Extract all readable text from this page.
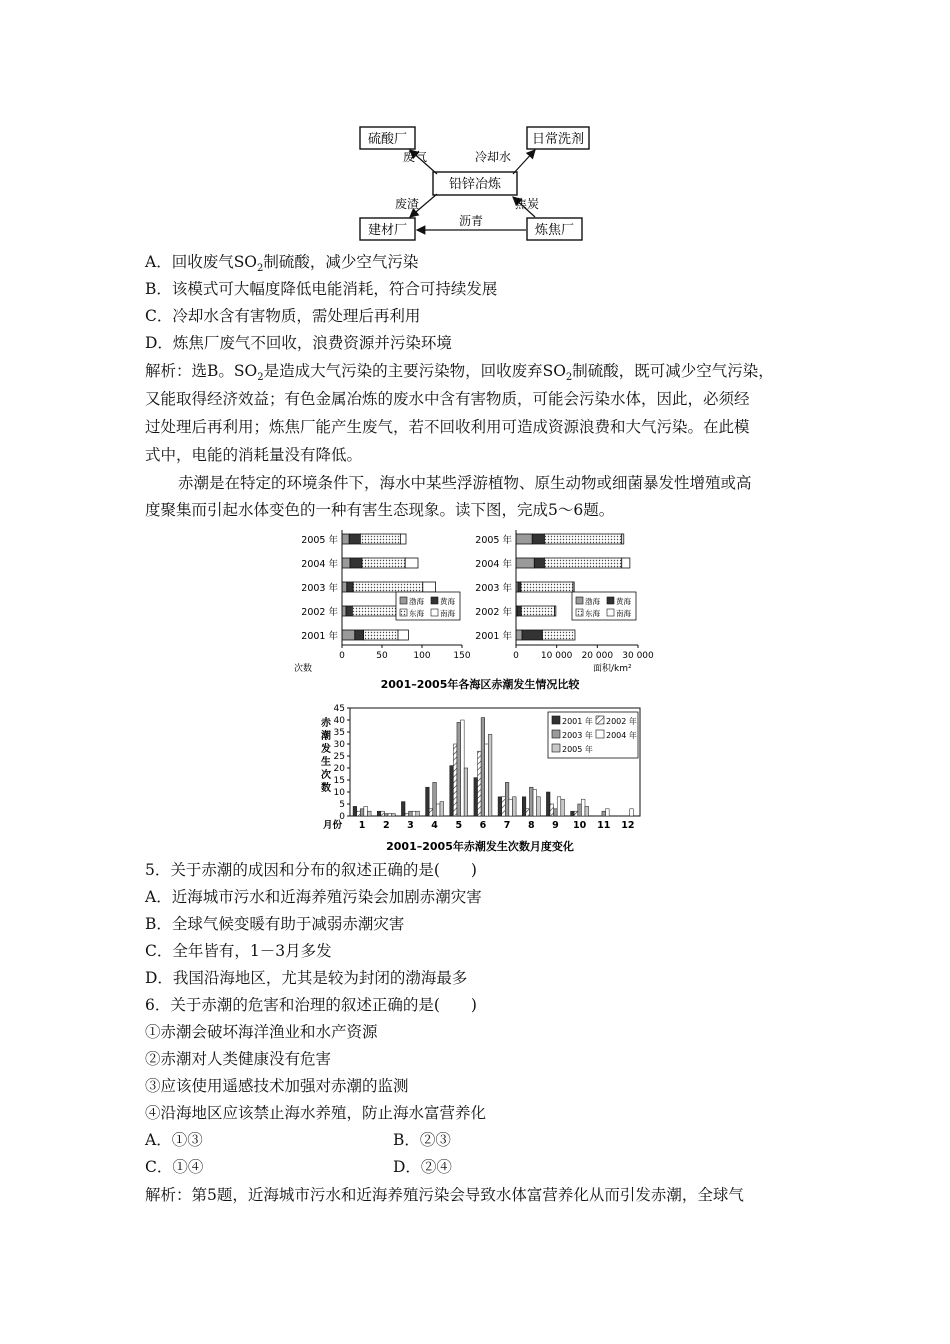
硫酸厂	日常洗剂
铅锌冶炼
建材厂	炼焦厂
废气	冷却水
废渣	焦炭
沥青
A．回收废气$SO_2$制硫酸，减少空气污染
B．该模式可大幅度降低电能消耗，符合可持续发展
C．冷却水含有害物质，需处理后再利用
D．炼焦厂废气不回收，浪费资源并污染环境
解析：选B。$SO_2$是造成大气污染的主要污染物，回收废弃$SO_2$制硫酸，既可减少空气污染，
又能取得经济效益；有色金属冶炼的废水中含有害物质，可能会污染水体，因此，必须经
过处理后再利用；炼焦厂能产生废气，若不回收利用可造成资源浪费和大气污染。在此模
式中，电能的消耗量没有降低。
赤潮是在特定的环境条件下，海水中某些浮游植物、原生动物或细菌暴发性增殖或高
度聚集而引起水体变色的一种有害生态现象。读下图，完成5～6题。
2005 年
2004 年
2003 年
2002 年
2001 年
0	50	100	150
次数
渤海 黄海
东海 南海
2005 年
2004 年
2003 年
2002 年
2001 年
0 10 000 20 000 30 000
面积/km²
渤海 黄海
东海 南海
2001–2005年各海区赤潮发生情况比较
0
5
10
15
20
25
30
35
40
45
赤
潮
发
生
次
数
1 2 3 4 5 6 7 8 9 10 11 12
月份
2001 年 2002 年
2003 年 2004 年
2005 年
2001–2005年赤潮发生次数月度变化
5．关于赤潮的成因和分布的叙述正确的是(　　)
A．近海城市污水和近海养殖污染会加剧赤潮灾害
B．全球气候变暖有助于减弱赤潮灾害
C．全年皆有，1－3月多发
D．我国沿海地区，尤其是较为封闭的渤海最多
6．关于赤潮的危害和治理的叙述正确的是(　　)
①赤潮会破坏海洋渔业和水产资源
②赤潮对人类健康没有危害
③应该使用遥感技术加强对赤潮的监测
④沿海地区应该禁止海水养殖，防止海水富营养化
A．①③	B．②③
C．①④	D．②④
解析：第5题，近海城市污水和近海养殖污染会导致水体富营养化从而引发赤潮，全球气
